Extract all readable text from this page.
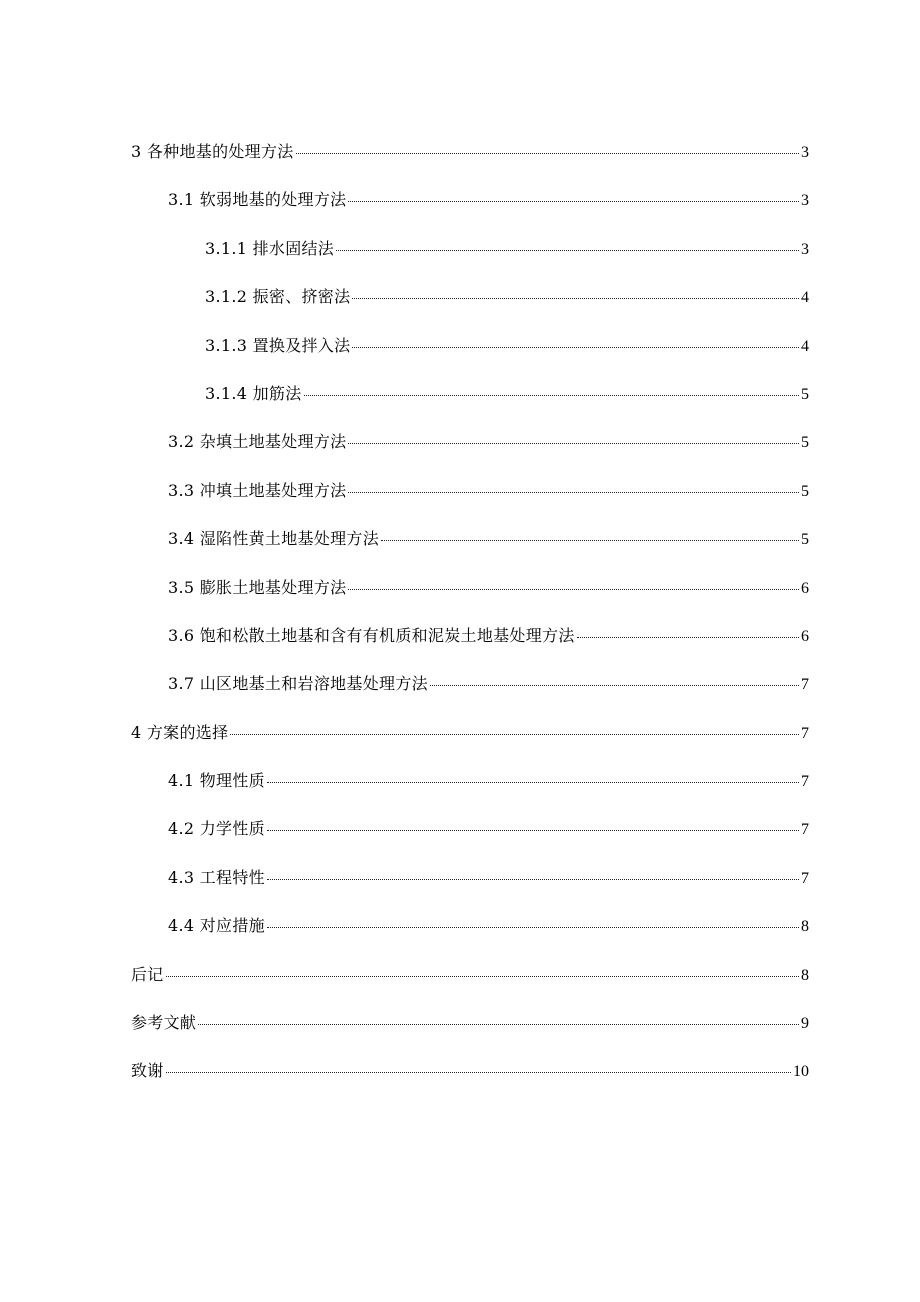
3 各种地基的处理方法	3
3.1 软弱地基的处理方法	3
3.1.1 排水固结法	3
3.1.2 振密、挤密法	4
3.1.3 置换及拌入法	4
3.1.4 加筋法	5
3.2 杂填土地基处理方法	5
3.3 冲填土地基处理方法	5
3.4 湿陷性黄土地基处理方法	5
3.5 膨胀土地基处理方法	6
3.6 饱和松散土地基和含有有机质和泥炭土地基处理方法	6
3.7 山区地基土和岩溶地基处理方法	7
4 方案的选择	7
4.1 物理性质	7
4.2 力学性质	7
4.3 工程特性	7
4.4 对应措施	8
后记	8
参考文献	9
致谢	10
